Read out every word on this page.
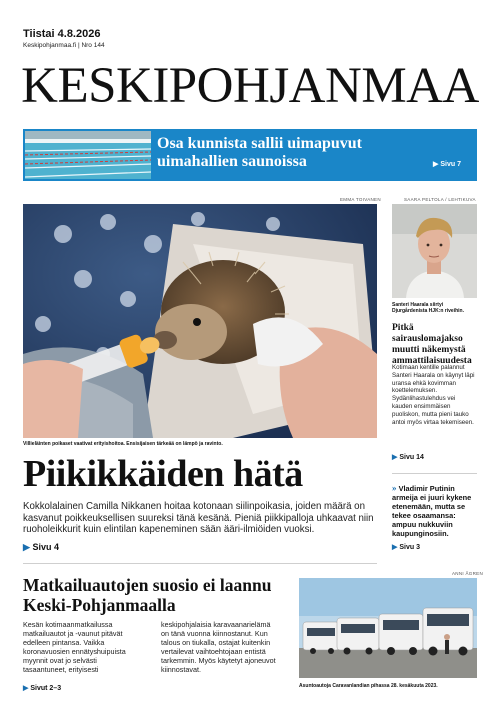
Tiistai 4.8.2026
Keskipohjanmaa.fi | Nro 144
KESKIPOHJANMAA
Osa kunnista sallii uimapuvut uimahallien saunoissa	▶ Sivu 7
EMMA TOIVANEN
Villieläinten poikaset vaativat erityishoitoa. Ensisijaisen tärkeää on lämpö ja ravinto.
SAARA PELTOLA / LEHTIKUVA
Santeri Haarala siirtyi Djurgårdenista HJK:n riveihin.
Pitkä sairauslomajakso muutti näkemystä ammattilaisuudesta
Kotimaan kentille palannut Santeri Haarala on käynyt läpi uransa ehkä kovimman koettelemuksen. Sydänlihastulehdus vei kauden ensimmäisen puoliskon, mutta pieni tauko antoi myös virtaa tekemiseen.
▶ Sivu 14
» Vladimir Putinin armeija ei juuri kykene etenemään, mutta se tekee osaamansa: ampuu nukkuviin kaupunginosiin.
▶ Sivu 3
Piikikkäiden hätä
Kokkolalainen Camilla Nikkanen hoitaa kotonaan siilinpoikasia, joiden määrä on kasvanut poikkeuksellisen suureksi tänä kesänä. Pieniä piikkipalloja uhkaavat niin ruoholeikkurit kuin elintilan kapeneminen sään ääri-ilmiöiden vuoksi.
▶ Sivu 4
Matkailuautojen suosio ei laannu Keski-Pohjanmaalla
Kesän kotimaanmatkailussa matkailuautot ja -vaunut pitävät edelleen pintansa. Vaikka koronavuosien ennätyshuipuista myynnit ovat jo selvästi tasaantuneet, erityisesti
keskipohjalaisia karavaanarielämä on tänä vuonna kiinnostanut. Kun talous on tiukalla, ostajat kuitenkin vertailevat vaihtoehtojaan entistä tarkemmin. Myös käytetyt ajoneuvot kiinnostavat.
▶ Sivut 2–3
ANNI ÅGREN
Asuntoautoja Caravanlandian pihassa 28. kesäkuuta 2023.
